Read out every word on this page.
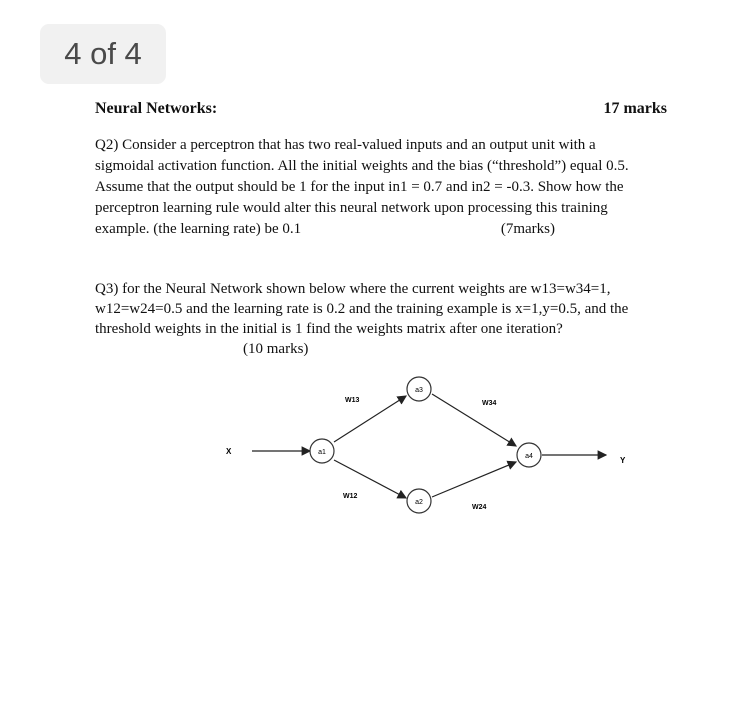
4 of 4
Neural Networks:	17 marks
Q2) Consider a perceptron that has two real-valued inputs and an output unit with a
sigmoidal activation function. All the initial weights and the bias (“threshold”) equal 0.5.
Assume that the output should be 1 for the input in1 = 0.7 and in2 = -0.3. Show how the
perceptron learning rule would alter this neural network upon processing this training
example. (the learning rate) be 0.1	(7marks)
Q3) for the Neural Network shown below where the current weights are w13=w34=1,
w12=w24=0.5 and the learning rate is 0.2 and the training example is x=1,y=0.5, and the
threshold weights in the initial is 1 find the weights matrix after one iteration?
(10 marks)
a1
a3
a2
a4
W13
W12
W34
W24
X
Y
